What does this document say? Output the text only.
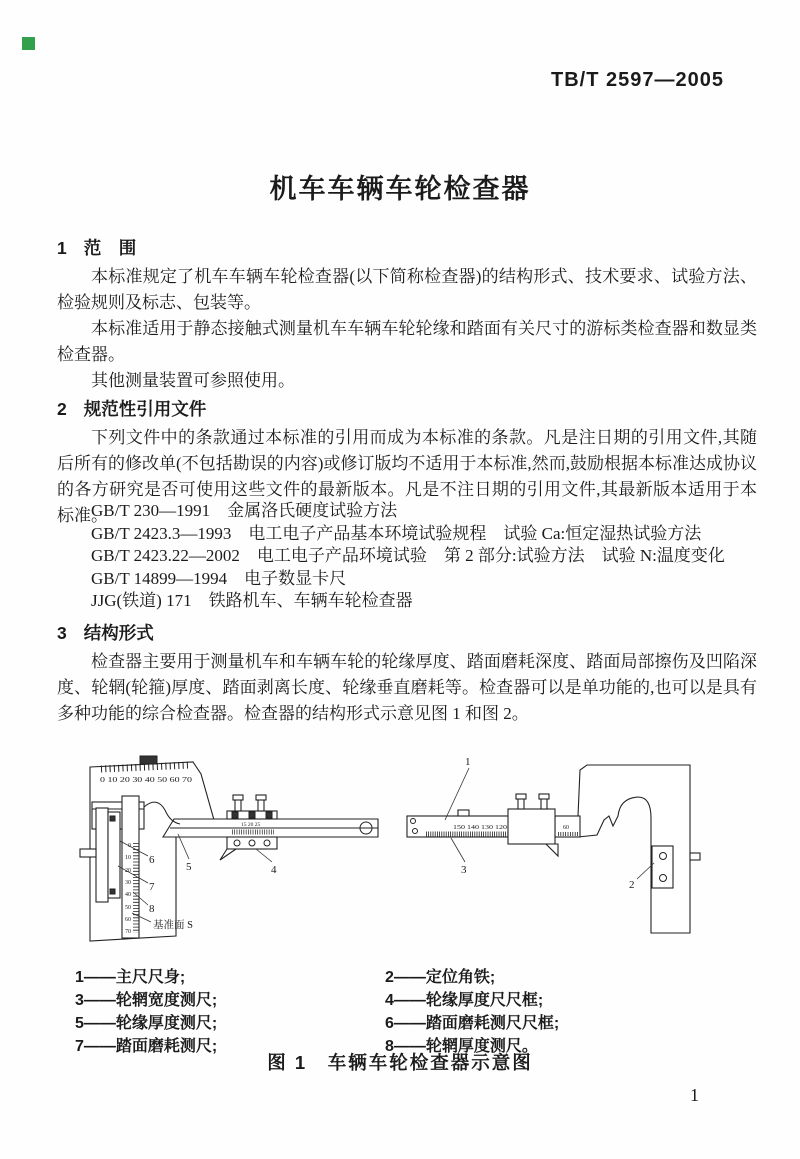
TB/T 2597—2005
机车车辆车轮检查器
1 范　围

本标准规定了机车车辆车轮检查器(以下简称检查器)的结构形式、技术要求、试验方法、检验规则及标志、包装等。

本标准适用于静态接触式测量机车车辆车轮轮缘和踏面有关尺寸的游标类检查器和数显类检查器。

其他测量装置可参照使用。

2 规范性引用文件

下列文件中的条款通过本标准的引用而成为本标准的条款。凡是注日期的引用文件,其随后所有的修改单(不包括勘误的内容)或修订版均不适用于本标准,然而,鼓励根据本标准达成协议的各方研究是否可使用这些文件的最新版本。凡是不注日期的引用文件,其最新版本适用于本标准。

GB/T 230—1991　金属洛氏硬度试验方法
GB/T 2423.3—1993　电工电子产品基本环境试验规程　试验 Ca:恒定湿热试验方法
GB/T 2423.22—2002　电工电子产品环境试验　第 2 部分:试验方法　试验 N:温度变化
GB/T 14899—1994　电子数显卡尺
JJG(铁道) 171　铁路机车、车辆车轮检查器
3 结构形式

检查器主要用于测量机车和车辆车轮的轮缘厚度、踏面磨耗深度、踏面局部擦伤及凹陷深度、轮辋(轮箍)厚度、踏面剥离长度、轮缘垂直磨耗等。检查器可以是单功能的,也可以是具有多种功能的综合检查器。检查器的结构形式示意见图 1 和图 2。

0 10 20 30 40 50 60 70
15 20 25
0
10
20
30
40
50
60
70
5	4
6
7
8
基准面 S
150 140 130 120	60
1
3
2
1——主尺尺身;
3——轮辋宽度测尺;
5——轮缘厚度测尺;
7——踏面磨耗测尺;
2——定位角铁;
4——轮缘厚度尺尺框;
6——踏面磨耗测尺尺框;
8——轮辋厚度测尺。
图 1　车辆车轮检查器示意图
1
